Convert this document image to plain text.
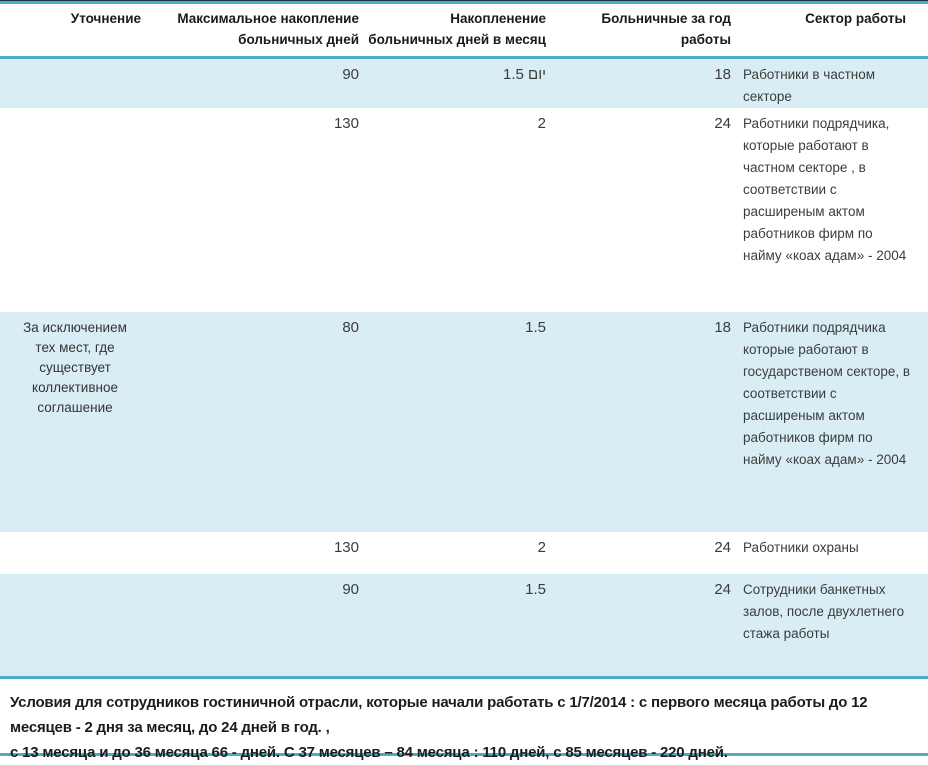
Уточнение	Максимальное накопление больничных дней	Накопленение больничных дней в месяц	Больничные за год работы	Сектор работы
	90	יום 1.5	18	Работники в частном секторе
	130	2	24	Работники подрядчика, которые работают в частном секторе , в соответствии с расширеным актом работников фирм по найму «коах адам» - 2004
За исключением тех мест, где существует коллективное соглашение	80	1.5	18	Работники подрядчика которые работают в государственом секторе, в соответствии с расширеным актом работников фирм по найму «коах адам» - 2004
	130	2	24	Работники охраны
	90	1.5	24	Сотрудники банкетных залов, после двухлетнего стажа работы

Условия для сотрудников гостиничной отрасли, которые начали работать с 1/7/2014 : с первого месяца работы до 12 месяцев - 2 дня за месяц, до 24 дней в год. ,

с 13 месяца и до 36 месяца 66 - дней. С 37 месяцев – 84 месяца : 110 дней, с 85 месяцев - 220 дней.
